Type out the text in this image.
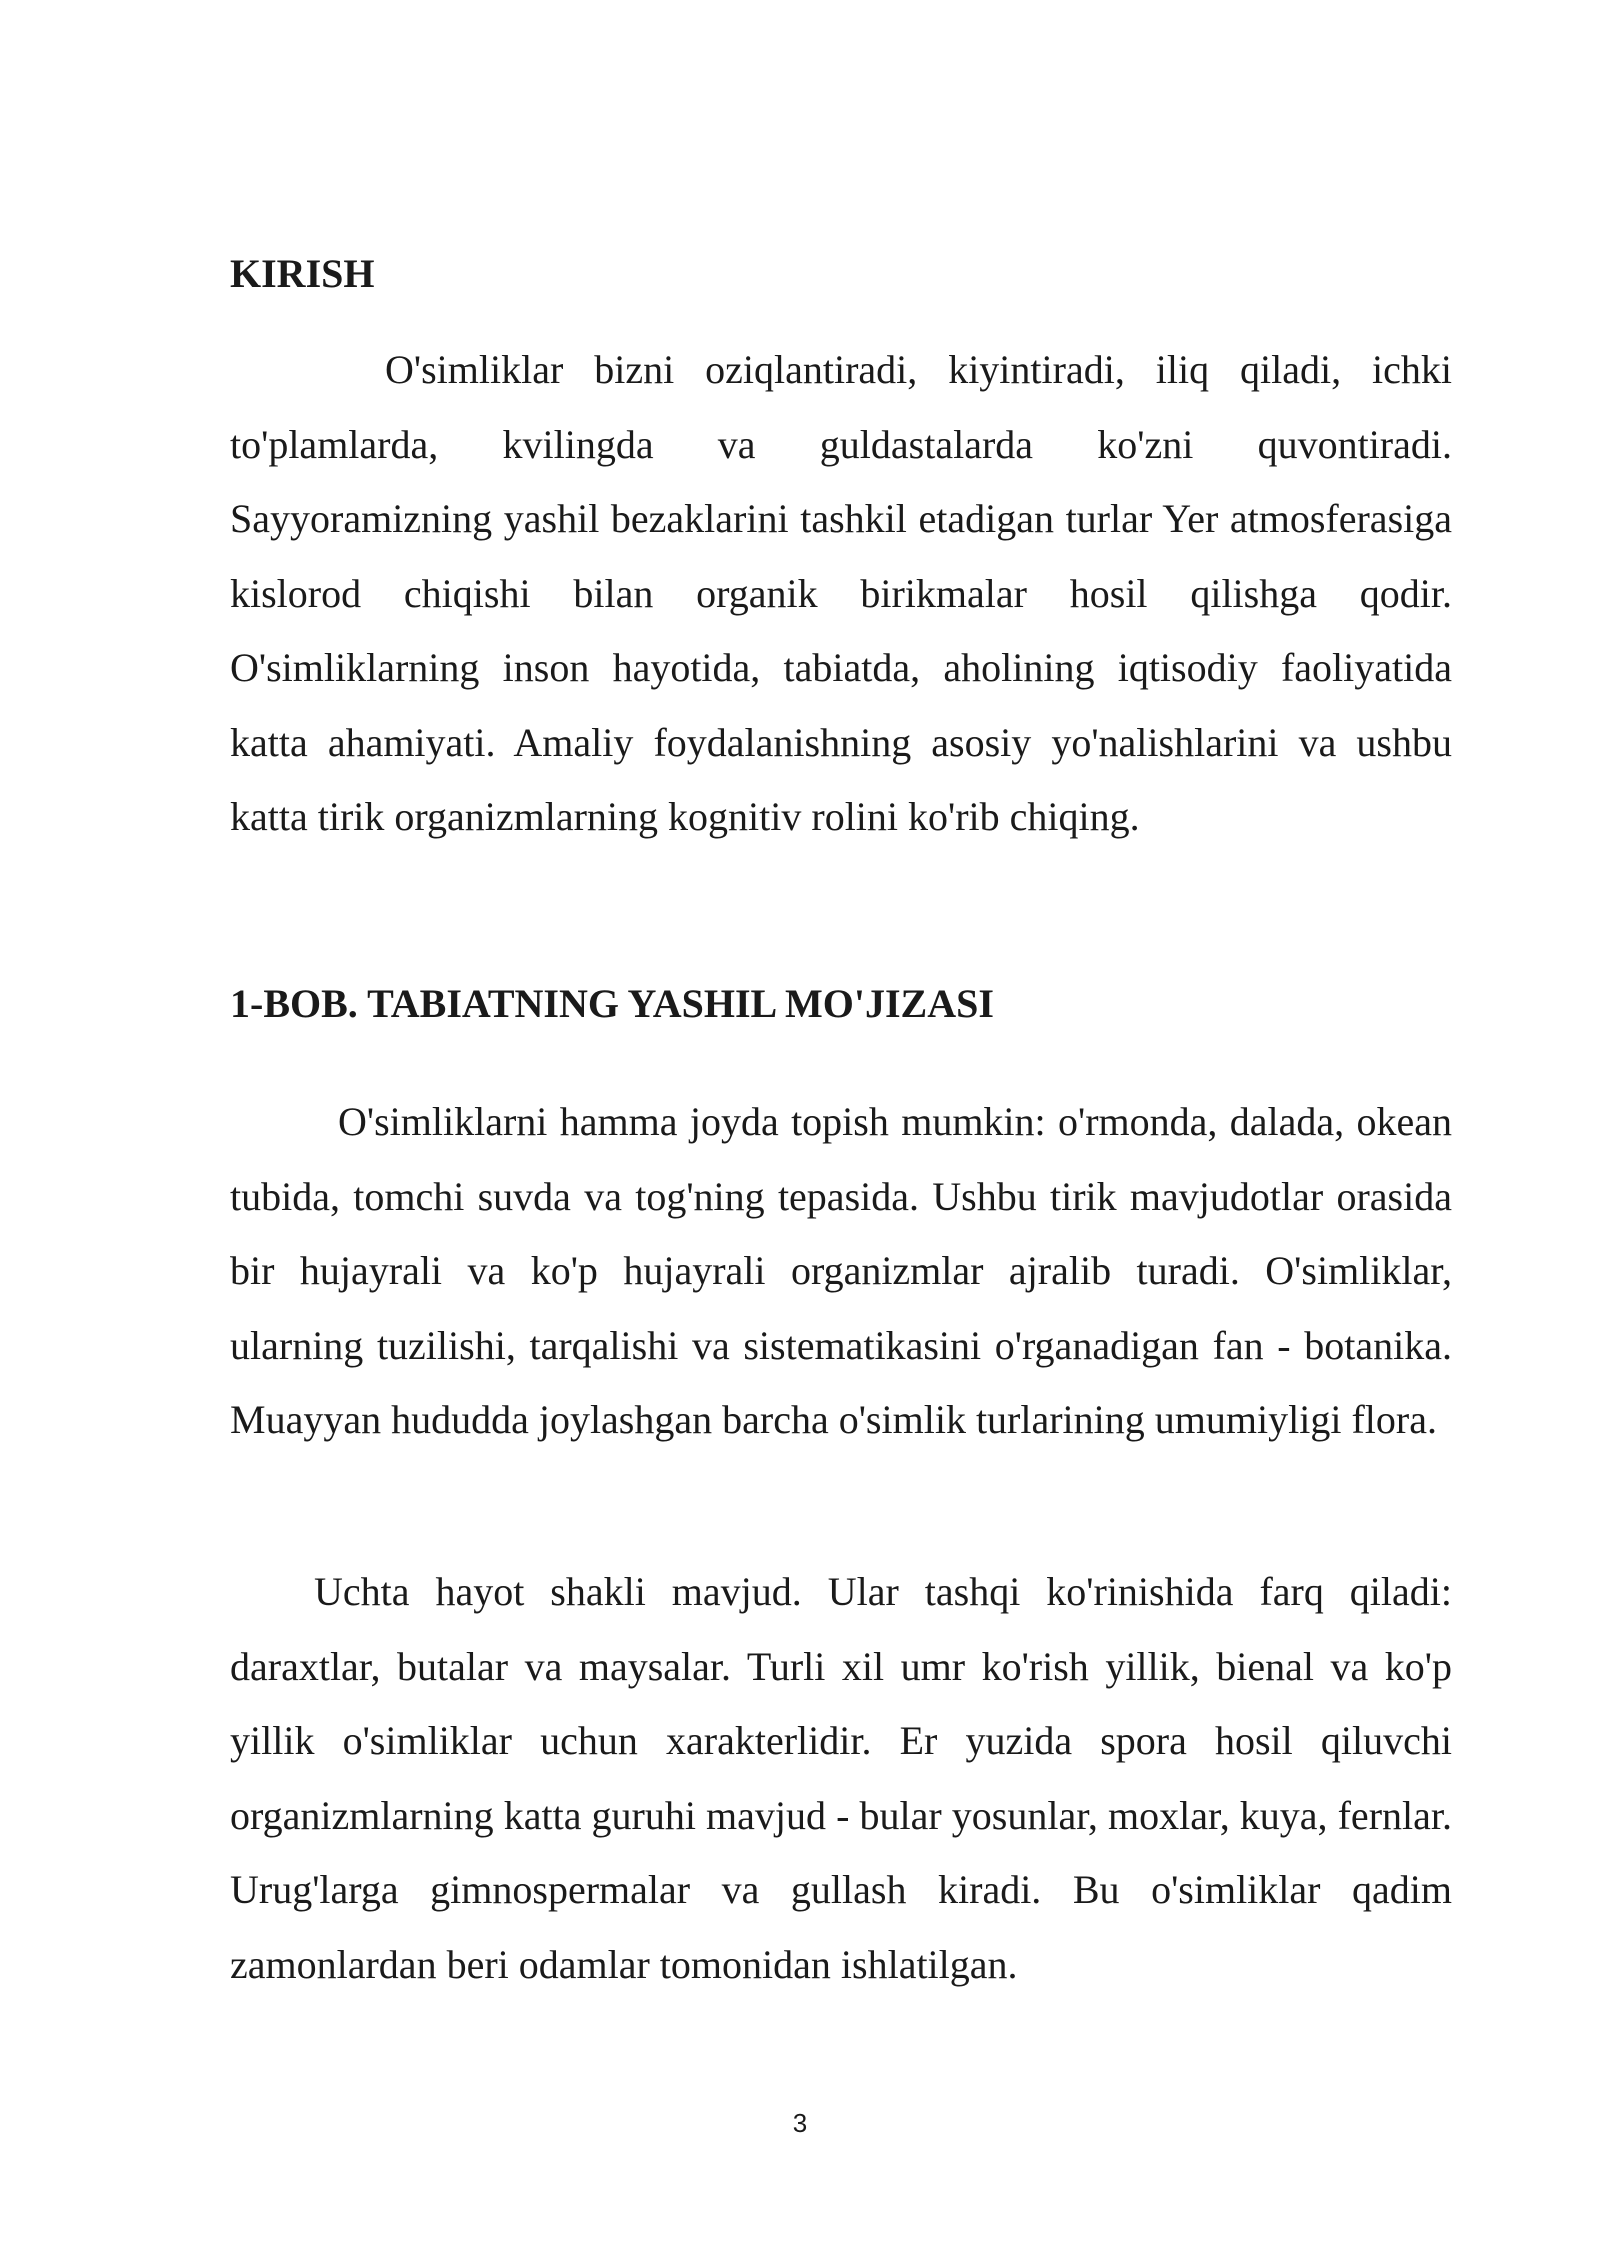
KIRISH

O'simliklar bizni oziqlantiradi, kiyintiradi, iliq qiladi, ichki to'plamlarda, kvilingda va guldastalarda ko'zni quvontiradi. Sayyoramizning yashil bezaklarini tashkil etadigan turlar Yer atmosferasiga kislorod chiqishi bilan organik birikmalar hosil qilishga qodir. O'simliklarning inson hayotida, tabiatda, aholining iqtisodiy faoliyatida katta ahamiyati. Amaliy foydalanishning asosiy yo'nalishlarini va ushbu katta tirik organizmlarning kognitiv rolini ko'rib chiqing.

1-BOB. TABIATNING YASHIL MO'JIZASI

O'simliklarni hamma joyda topish mumkin: o'rmonda, dalada, okean tubida, tomchi suvda va tog'ning tepasida. Ushbu tirik mavjudotlar orasida bir hujayrali va ko'p hujayrali organizmlar ajralib turadi. O'simliklar, ularning tuzilishi, tarqalishi va sistematikasini o'rganadigan fan - botanika. Muayyan hududda joylashgan barcha o'simlik turlarining umumiyligi flora.

Uchta hayot shakli mavjud. Ular tashqi ko'rinishida farq qiladi: daraxtlar, butalar va maysalar. Turli xil umr ko'rish yillik, bienal va ko'p yillik o'simliklar uchun xarakterlidir. Er yuzida spora hosil qiluvchi organizmlarning katta guruhi mavjud - bular yosunlar, moxlar, kuya, fernlar. Urug'larga gimnospermalar va gullash kiradi. Bu o'simliklar qadim zamonlardan beri odamlar tomonidan ishlatilgan.

3
